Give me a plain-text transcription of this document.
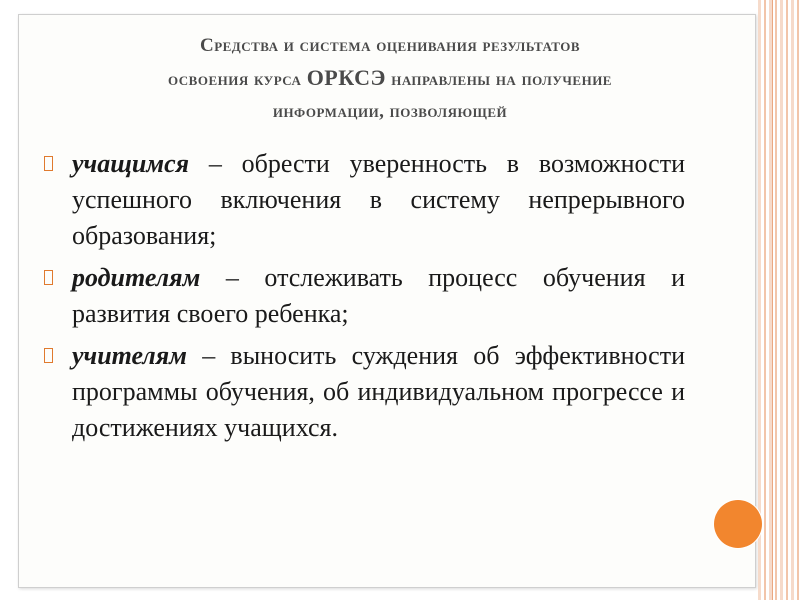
Средства и система оценивания результатов
освоения курса ОРКСЭ направлены на получение
информации, позволяющей
учащимся – обрести уверенность в возможности успешного включения в систему непрерывного образования;
родителям – отслеживать процесс обучения и развития своего ребенка;
учителям – выносить суждения об эффективности программы обучения, об индивидуальном прогрессе и достижениях учащихся.
